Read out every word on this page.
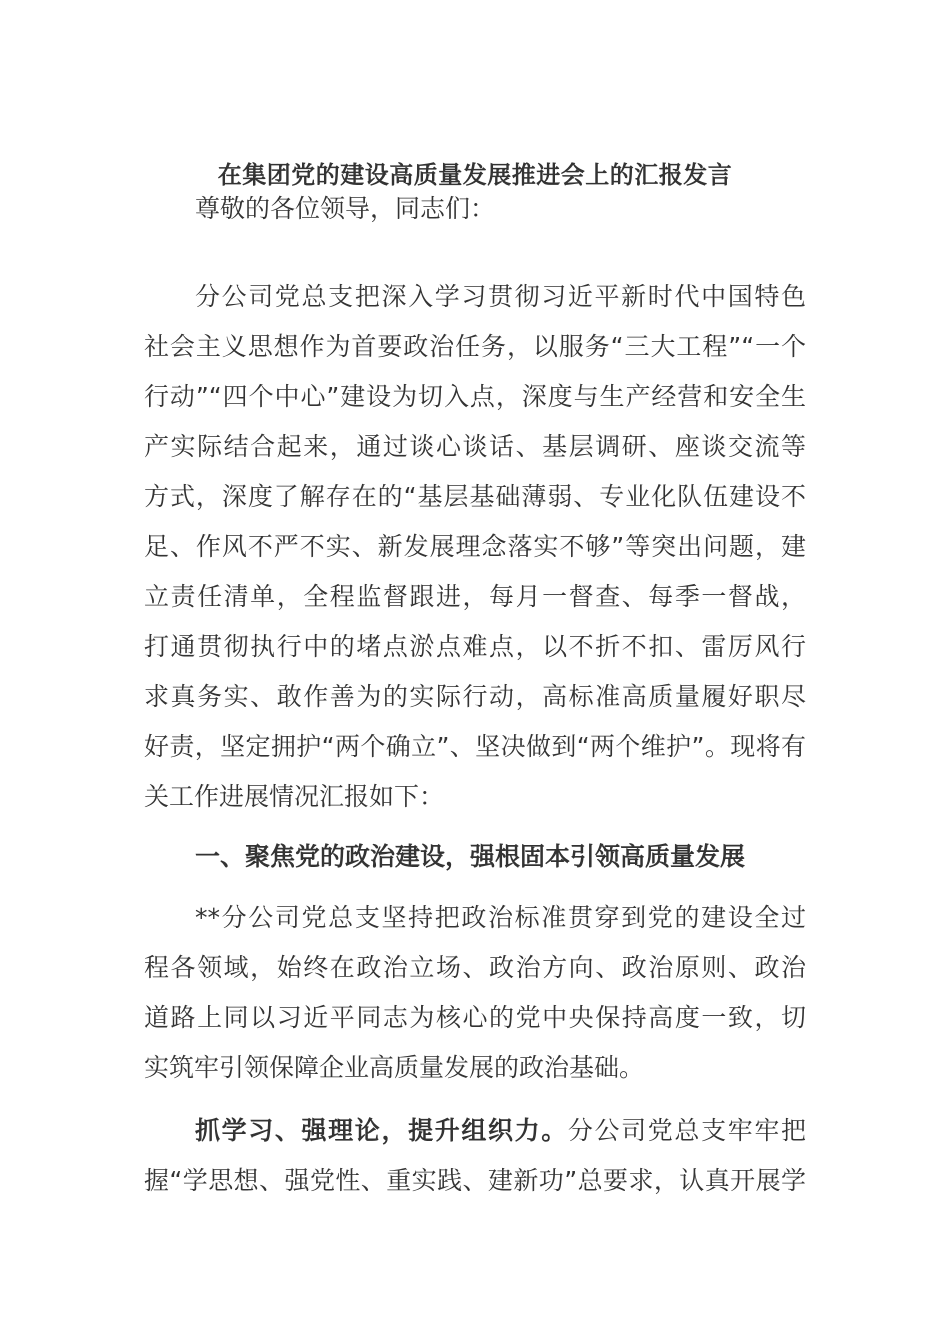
在集团党的建设高质量发展推进会上的汇报发言
尊敬的各位领导，同志们：
分公司党总支把深入学习贯彻习近平新时代中国特色
社会主义思想作为首要政治任务，以服务“三大工程”“一个
行动”“四个中心”建设为切入点，深度与生产经营和安全生
产实际结合起来，通过谈心谈话、基层调研、座谈交流等
方式，深度了解存在的“基层基础薄弱、专业化队伍建设不
足、作风不严不实、新发展理念落实不够”等突出问题，建
立责任清单，全程监督跟进，每月一督查、每季一督战，
打通贯彻执行中的堵点淤点难点，以不折不扣、雷厉风行
求真务实、敢作善为的实际行动，高标准高质量履好职尽
好责，坚定拥护“两个确立”、坚决做到“两个维护”。现将有
关工作进展情况汇报如下：
一、聚焦党的政治建设，强根固本引领高质量发展
**分公司党总支坚持把政治标准贯穿到党的建设全过
程各领域，始终在政治立场、政治方向、政治原则、政治
道路上同以习近平同志为核心的党中央保持高度一致，切
实筑牢引领保障企业高质量发展的政治基础。
抓学习、强理论，提升组织力。分公司党总支牢牢把
握“学思想、强党性、重实践、建新功”总要求，认真开展学
